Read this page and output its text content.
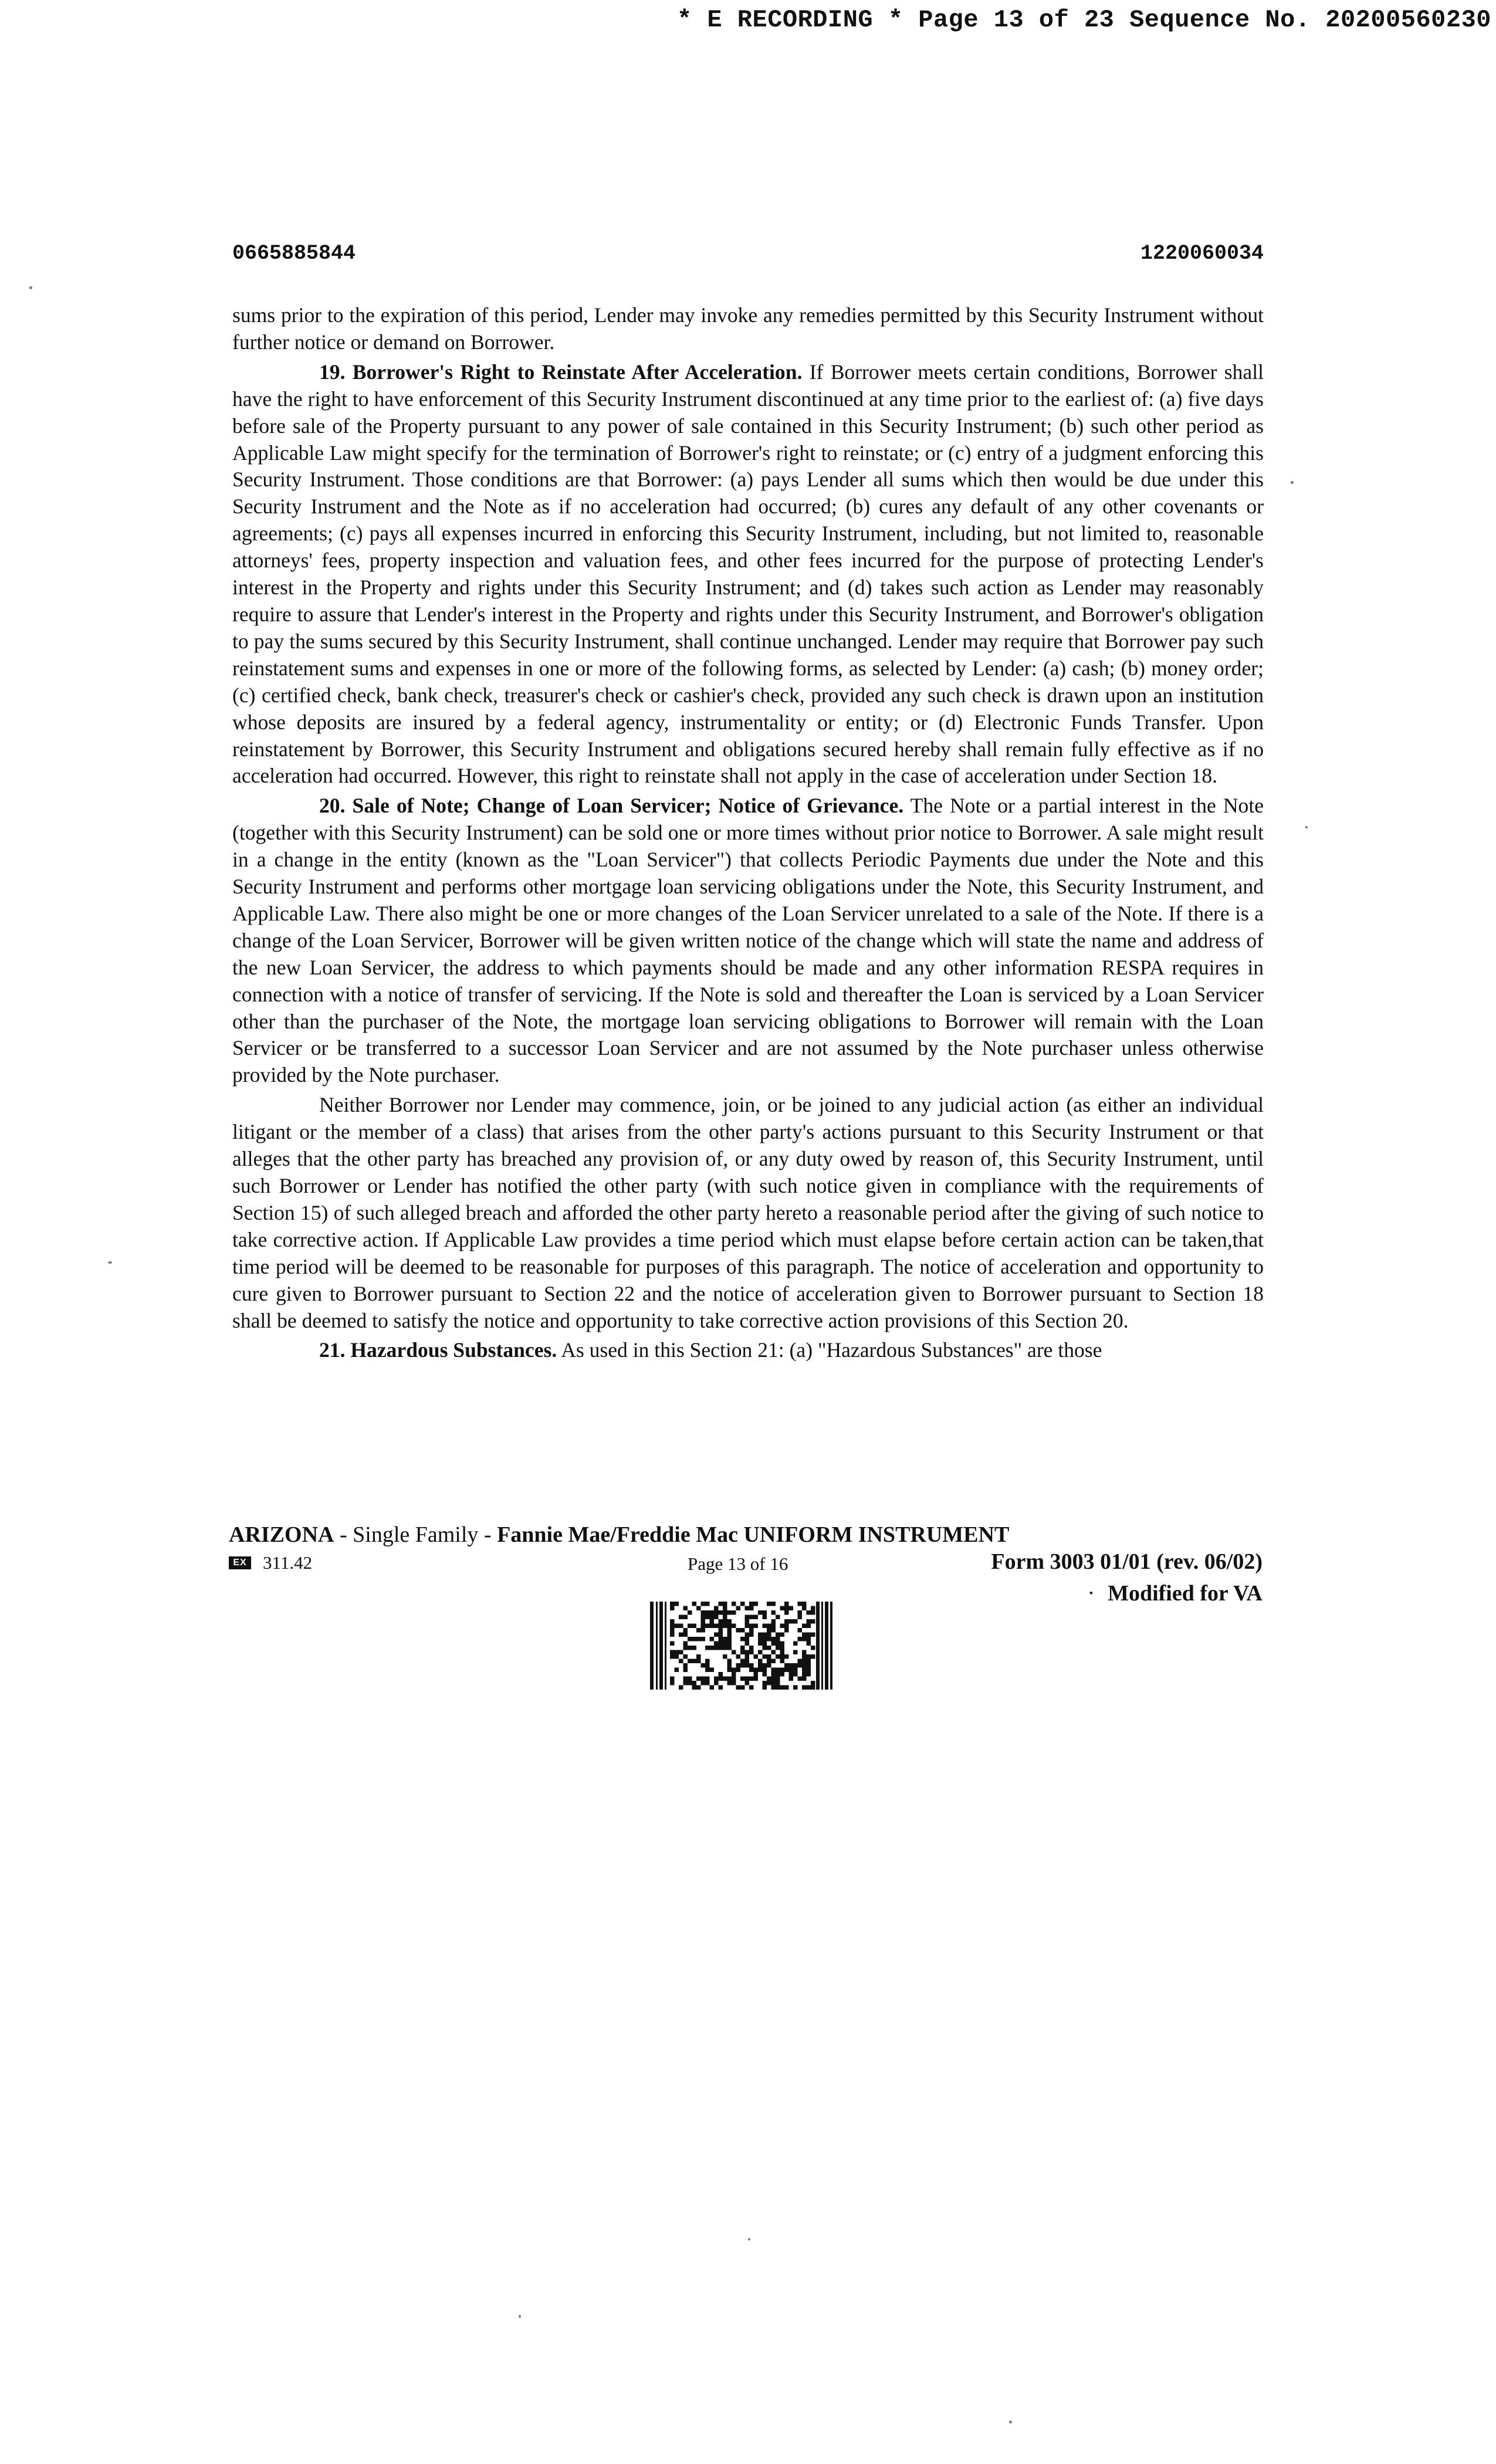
* E RECORDING * Page 13 of 23 Sequence No. 20200560230
0665885844	1220060034

sums prior to the expiration of this period, Lender may invoke any remedies permitted by this Security Instrument without further notice or demand on Borrower.

19. Borrower's Right to Reinstate After Acceleration. If Borrower meets certain conditions, Borrower shall have the right to have enforcement of this Security Instrument discontinued at any time prior to the earliest of: (a) five days before sale of the Property pursuant to any power of sale contained in this Security Instrument; (b) such other period as Applicable Law might specify for the termination of Borrower's right to reinstate; or (c) entry of a judgment enforcing this Security Instrument. Those conditions are that Borrower: (a) pays Lender all sums which then would be due under this Security Instrument and the Note as if no acceleration had occurred; (b) cures any default of any other covenants or agreements; (c) pays all expenses incurred in enforcing this Security Instrument, including, but not limited to, reasonable attorneys' fees, property inspection and valuation fees, and other fees incurred for the purpose of protecting Lender's interest in the Property and rights under this Security Instrument; and (d) takes such action as Lender may reasonably require to assure that Lender's interest in the Property and rights under this Security Instrument, and Borrower's obligation to pay the sums secured by this Security Instrument, shall continue unchanged. Lender may require that Borrower pay such reinstatement sums and expenses in one or more of the following forms, as selected by Lender: (a) cash; (b) money order; (c) certified check, bank check, treasurer's check or cashier's check, provided any such check is drawn upon an institution whose deposits are insured by a federal agency, instrumentality or entity; or (d) Electronic Funds Transfer. Upon reinstatement by Borrower, this Security Instrument and obligations secured hereby shall remain fully effective as if no acceleration had occurred. However, this right to reinstate shall not apply in the case of acceleration under Section 18.

20. Sale of Note; Change of Loan Servicer; Notice of Grievance. The Note or a partial interest in the Note (together with this Security Instrument) can be sold one or more times without prior notice to Borrower. A sale might result in a change in the entity (known as the "Loan Servicer") that collects Periodic Payments due under the Note and this Security Instrument and performs other mortgage loan servicing obligations under the Note, this Security Instrument, and Applicable Law. There also might be one or more changes of the Loan Servicer unrelated to a sale of the Note. If there is a change of the Loan Servicer, Borrower will be given written notice of the change which will state the name and address of the new Loan Servicer, the address to which payments should be made and any other information RESPA requires in connection with a notice of transfer of servicing. If the Note is sold and thereafter the Loan is serviced by a Loan Servicer other than the purchaser of the Note, the mortgage loan servicing obligations to Borrower will remain with the Loan Servicer or be transferred to a successor Loan Servicer and are not assumed by the Note purchaser unless otherwise provided by the Note purchaser.

Neither Borrower nor Lender may commence, join, or be joined to any judicial action (as either an individual litigant or the member of a class) that arises from the other party's actions pursuant to this Security Instrument or that alleges that the other party has breached any provision of, or any duty owed by reason of, this Security Instrument, until such Borrower or Lender has notified the other party (with such notice given in compliance with the requirements of Section 15) of such alleged breach and afforded the other party hereto a reasonable period after the giving of such notice to take corrective action. If Applicable Law provides a time period which must elapse before certain action can be taken,that time period will be deemed to be reasonable for purposes of this paragraph. The notice of acceleration and opportunity to cure given to Borrower pursuant to Section 22 and the notice of acceleration given to Borrower pursuant to Section 18 shall be deemed to satisfy the notice and opportunity to take corrective action provisions of this Section 20.

21. Hazardous Substances. As used in this Section 21: (a) "Hazardous Substances" are those

ARIZONA - Single Family - Fannie Mae/Freddie Mac UNIFORM INSTRUMENT
EX 311.42	Page 13 of 16	Form 3003 01/01 (rev. 06/02)
· Modified for VA
